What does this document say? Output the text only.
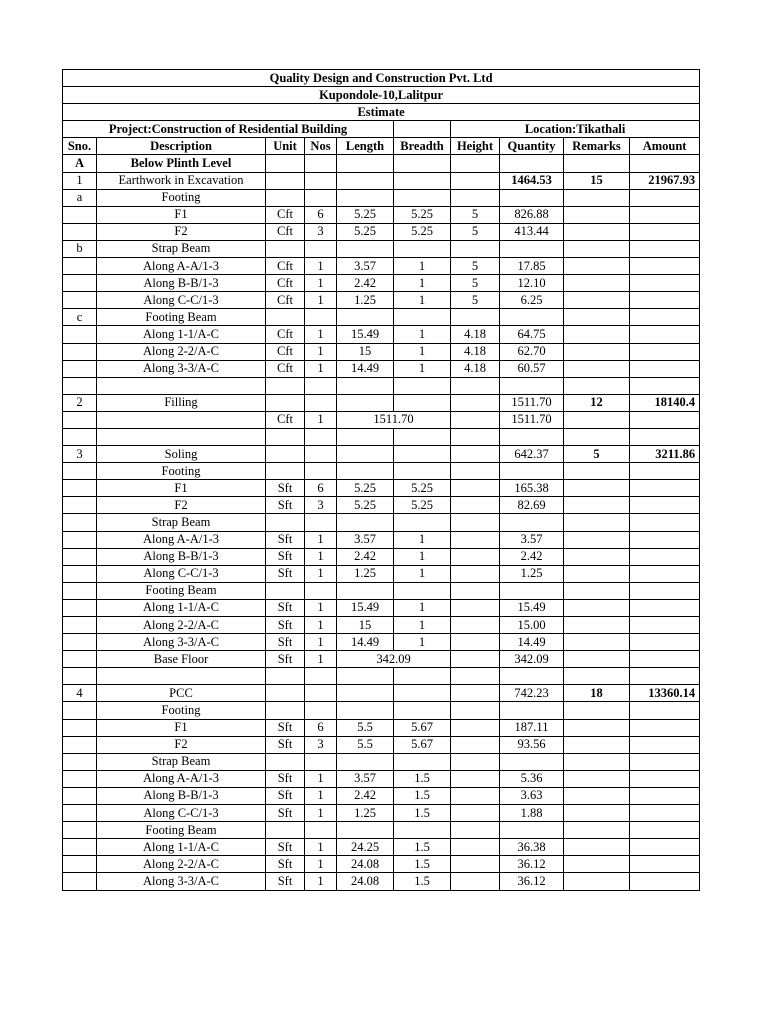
Quality Design and Construction Pvt. Ltd									
Kupondole-10,Lalitpur									
Estimate									
Project:Construction of Residential Building						Location:Tikathali			
Sno.	Description	Unit	Nos	Length	Breadth	Height	Quantity	Remarks	Amount
A	Below Plinth Level								
1	Earthwork in Excavation						1464.53	15	21967.93
a	Footing								
	F1	Cft	6	5.25	5.25	5	826.88		
	F2	Cft	3	5.25	5.25	5	413.44		
b	Strap Beam								
	Along A-A/1-3	Cft	1	3.57	1	5	17.85		
	Along B-B/1-3	Cft	1	2.42	1	5	12.10		
	Along C-C/1-3	Cft	1	1.25	1	5	6.25		
c	Footing Beam								
	Along 1-1/A-C	Cft	1	15.49	1	4.18	64.75		
	Along 2-2/A-C	Cft	1	15	1	4.18	62.70		
	Along 3-3/A-C	Cft	1	14.49	1	4.18	60.57		

2	Filling						1511.70	12	18140.4
		Cft	1	1511.70			1511.70		

3	Soling						642.37	5	3211.86
	Footing								
	F1	Sft	6	5.25	5.25		165.38		
	F2	Sft	3	5.25	5.25		82.69		
	Strap Beam								
	Along A-A/1-3	Sft	1	3.57	1		3.57		
	Along B-B/1-3	Sft	1	2.42	1		2.42		
	Along C-C/1-3	Sft	1	1.25	1		1.25		
	Footing Beam								
	Along 1-1/A-C	Sft	1	15.49	1		15.49		
	Along 2-2/A-C	Sft	1	15	1		15.00		
	Along 3-3/A-C	Sft	1	14.49	1		14.49		
	Base Floor	Sft	1	342.09			342.09		

4	PCC						742.23	18	13360.14
	Footing								
	F1	Sft	6	5.5	5.67		187.11		
	F2	Sft	3	5.5	5.67		93.56		
	Strap Beam								
	Along A-A/1-3	Sft	1	3.57	1.5		5.36		
	Along B-B/1-3	Sft	1	2.42	1.5		3.63		
	Along C-C/1-3	Sft	1	1.25	1.5		1.88		
	Footing Beam								
	Along 1-1/A-C	Sft	1	24.25	1.5		36.38		
	Along 2-2/A-C	Sft	1	24.08	1.5		36.12		
	Along 3-3/A-C	Sft	1	24.08	1.5		36.12		
